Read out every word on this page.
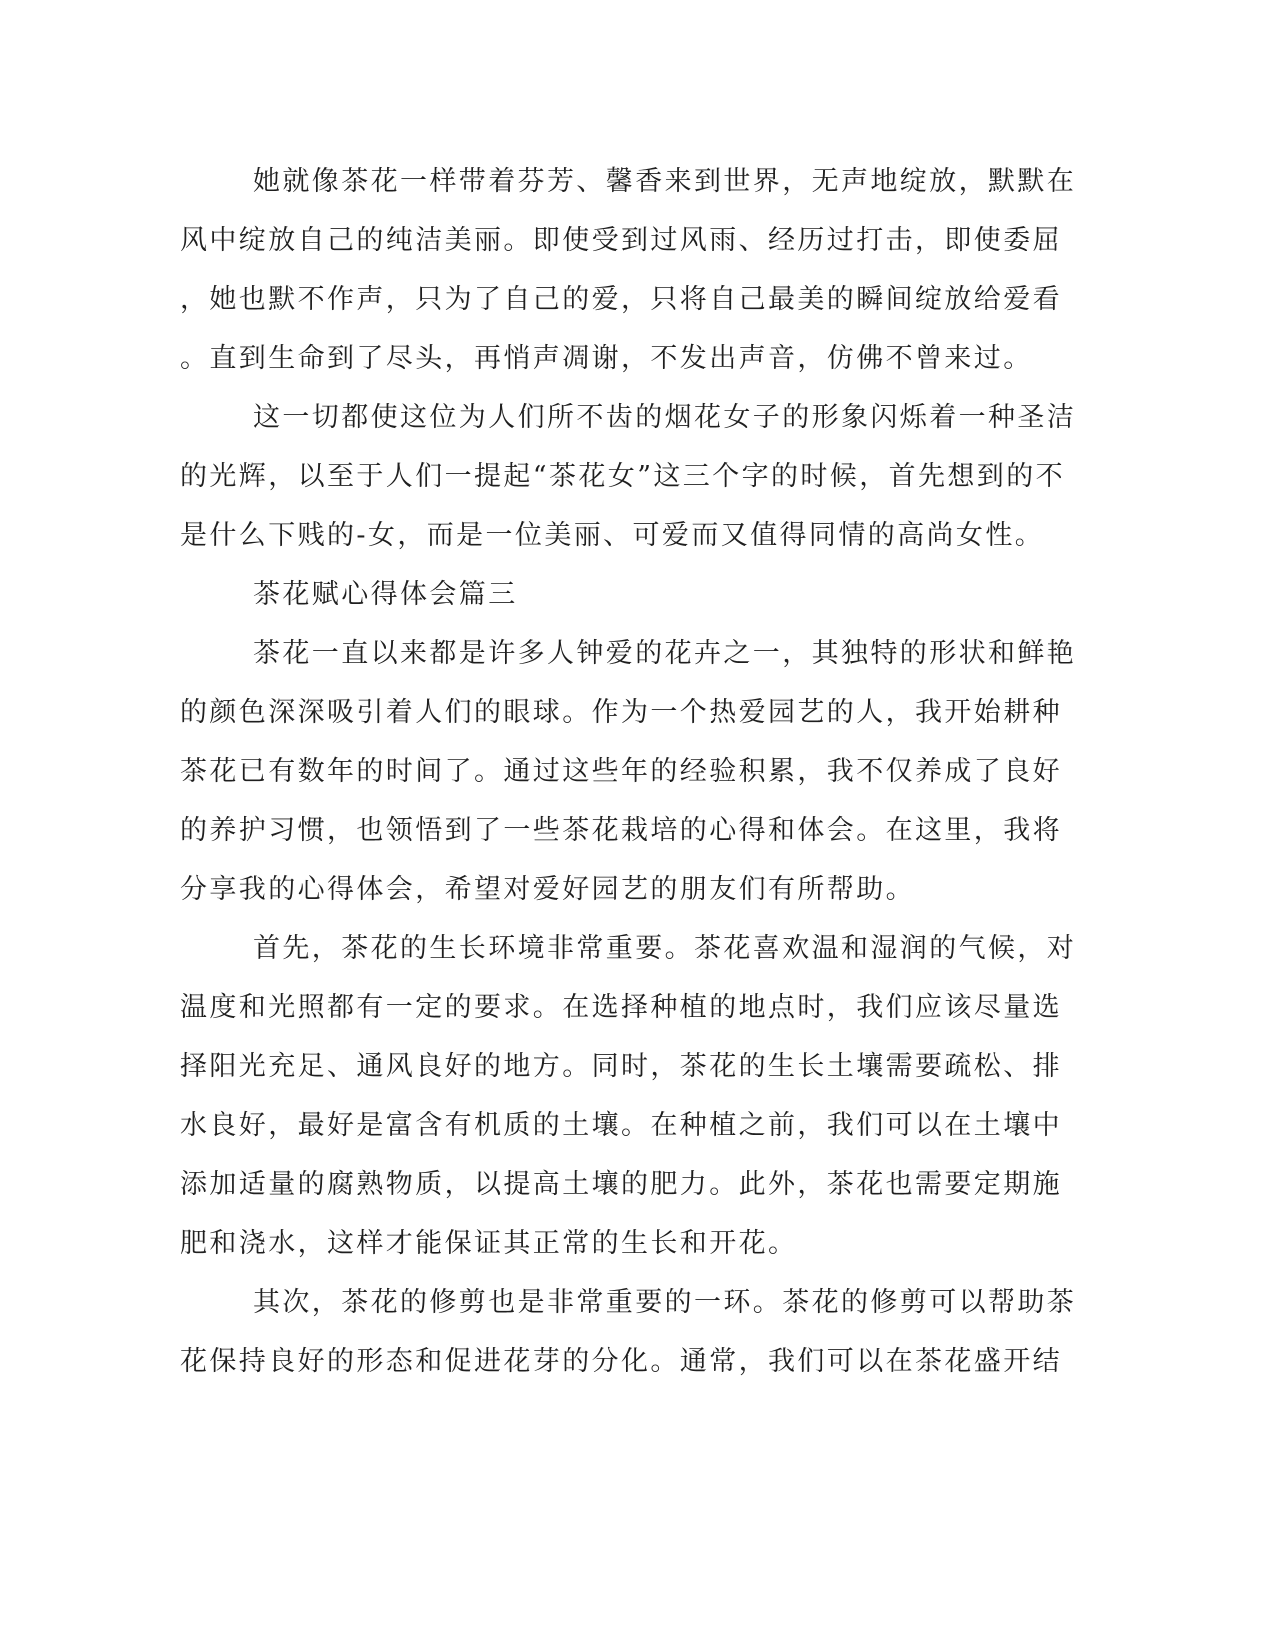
她就像茶花一样带着芬芳、馨香来到世界，无声地绽放，默默在
风中绽放自己的纯洁美丽。即使受到过风雨、经历过打击，即使委屈
，她也默不作声，只为了自己的爱，只将自己最美的瞬间绽放给爱看
。直到生命到了尽头，再悄声凋谢，不发出声音，仿佛不曾来过。
这一切都使这位为人们所不齿的烟花女子的形象闪烁着一种圣洁
的光辉，以至于人们一提起“茶花女”这三个字的时候，首先想到的不
是什么下贱的-女，而是一位美丽、可爱而又值得同情的高尚女性。
茶花赋心得体会篇三
茶花一直以来都是许多人钟爱的花卉之一，其独特的形状和鲜艳
的颜色深深吸引着人们的眼球。作为一个热爱园艺的人，我开始耕种
茶花已有数年的时间了。通过这些年的经验积累，我不仅养成了良好
的养护习惯，也领悟到了一些茶花栽培的心得和体会。在这里，我将
分享我的心得体会，希望对爱好园艺的朋友们有所帮助。
首先，茶花的生长环境非常重要。茶花喜欢温和湿润的气候，对
温度和光照都有一定的要求。在选择种植的地点时，我们应该尽量选
择阳光充足、通风良好的地方。同时，茶花的生长土壤需要疏松、排
水良好，最好是富含有机质的土壤。在种植之前，我们可以在土壤中
添加适量的腐熟物质，以提高土壤的肥力。此外，茶花也需要定期施
肥和浇水，这样才能保证其正常的生长和开花。
其次，茶花的修剪也是非常重要的一环。茶花的修剪可以帮助茶
花保持良好的形态和促进花芽的分化。通常，我们可以在茶花盛开结
